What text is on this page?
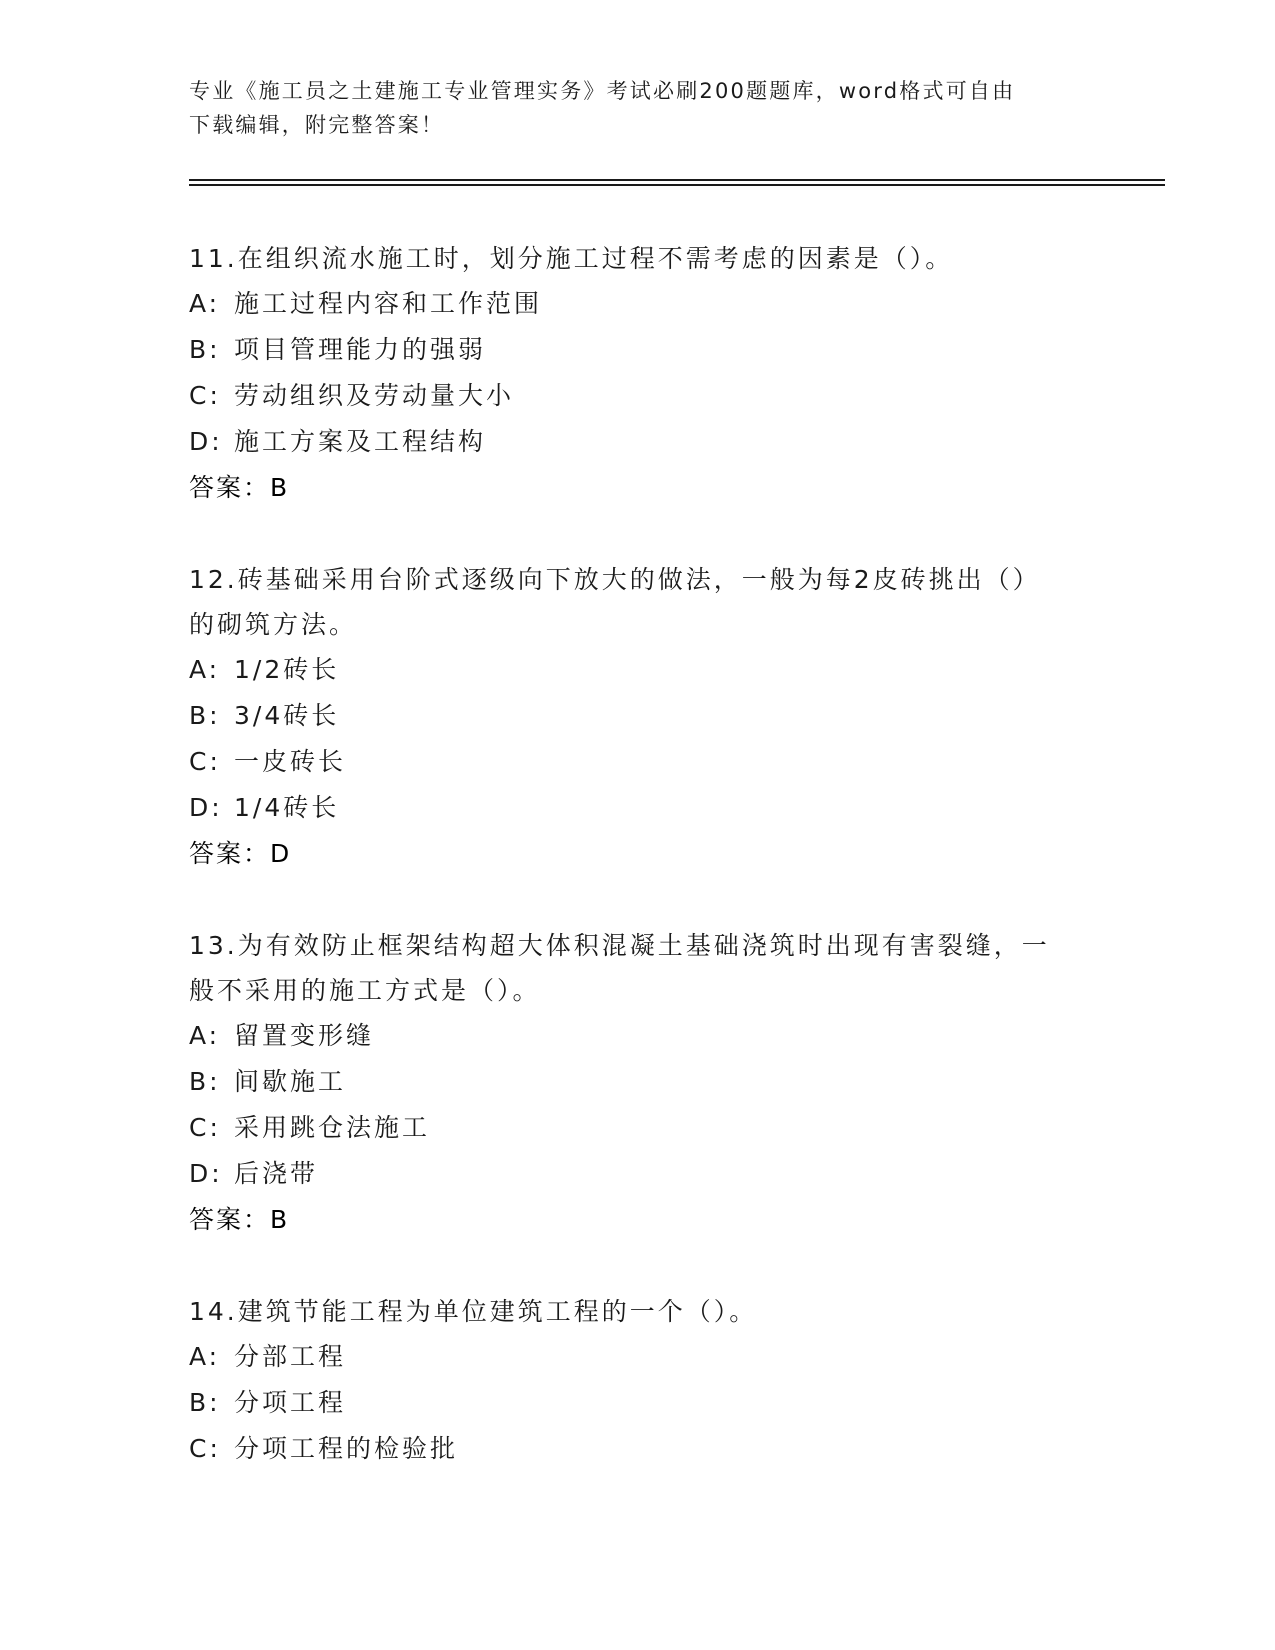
专业《施工员之土建施工专业管理实务》考试必刷200题题库，word格式可自由
下载编辑，附完整答案！
11.在组织流水施工时，划分施工过程不需考虑的因素是（）。
A: 施工过程内容和工作范围
B: 项目管理能力的强弱
C: 劳动组织及劳动量大小
D: 施工方案及工程结构
答案：B
12.砖基础采用台阶式逐级向下放大的做法，一般为每2皮砖挑出（）
的砌筑方法。
A: 1/2砖长
B: 3/4砖长
C: 一皮砖长
D: 1/4砖长
答案：D
13.为有效防止框架结构超大体积混凝土基础浇筑时出现有害裂缝，一
般不采用的施工方式是（）。
A: 留置变形缝
B: 间歇施工
C: 采用跳仓法施工
D: 后浇带
答案：B
14.建筑节能工程为单位建筑工程的一个（）。
A: 分部工程
B: 分项工程
C: 分项工程的检验批
